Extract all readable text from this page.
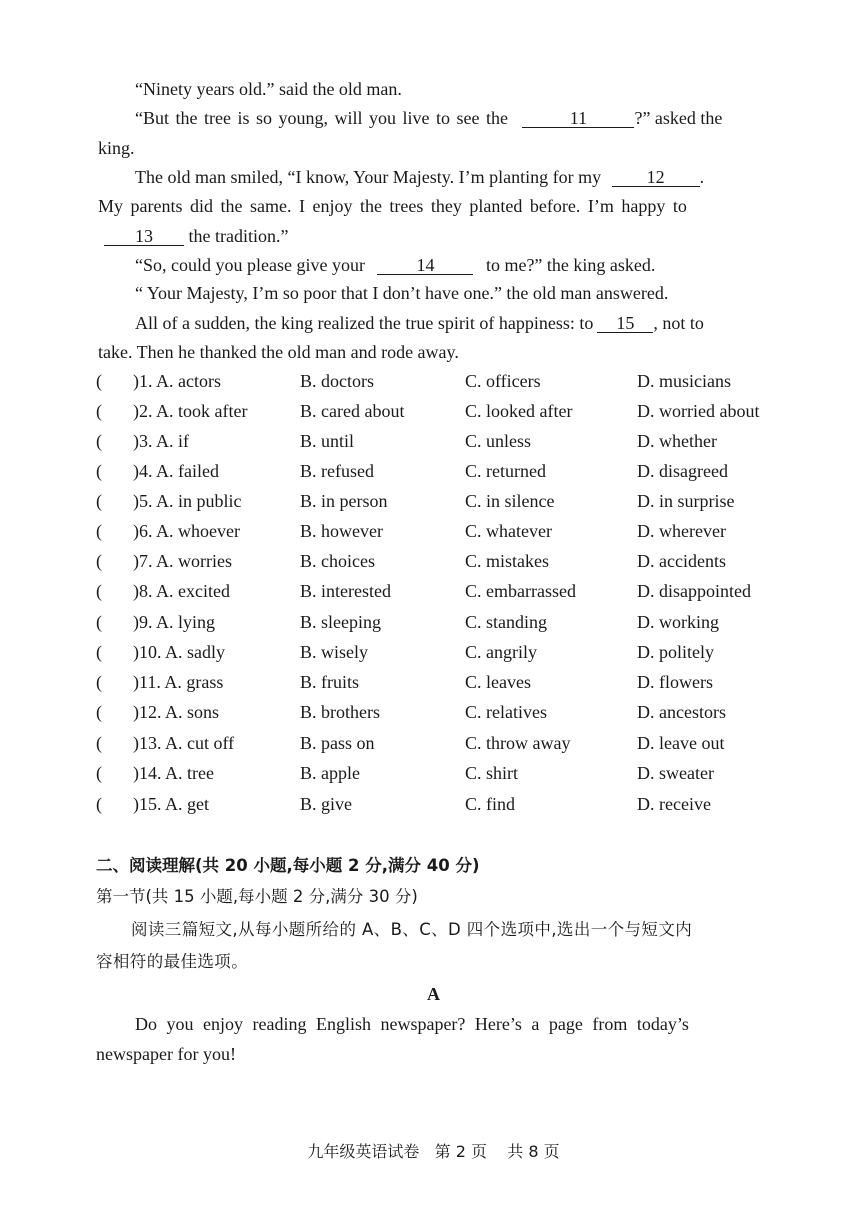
“Ninety years old.” said the old man.
“But the tree is so young, will you live to see the	11	?” asked the
king.
The old man smiled, “I know, Your Majesty. I’m planting for my	12 .
My parents did the same. I enjoy the trees they planted before. I’m happy to
13 the tradition.”
“So, could you please give your	14	to me?” the king asked.
“ Your Majesty, I’m so poor that I don’t have one.” the old man answered.
All of a sudden, the king realized the true spirit of happiness: to 15 , not to
take. Then he thanked the old man and rode away.
( )1. A. actors	B. doctors	C. officers	D. musicians
( )2. A. took after	B. cared about	C. looked after	D. worried about
( )3. A. if	B. until	C. unless	D. whether
( )4. A. failed	B. refused	C. returned	D. disagreed
( )5. A. in public	B. in person	C. in silence	D. in surprise
( )6. A. whoever	B. however	C. whatever	D. wherever
( )7. A. worries	B. choices	C. mistakes	D. accidents
( )8. A. excited	B. interested	C. embarrassed	D. disappointed
( )9. A. lying	B. sleeping	C. standing	D. working
( )10. A. sadly	B. wisely	C. angrily	D. politely
( )11. A. grass	B. fruits	C. leaves	D. flowers
( )12. A. sons	B. brothers	C. relatives	D. ancestors
( )13. A. cut off	B. pass on	C. throw away	D. leave out
( )14. A. tree	B. apple	C. shirt	D. sweater
( )15. A. get	B. give	C. find	D. receive
二、阅读理解(共 20 小题,每小题 2 分,满分 40 分)
第一节(共 15 小题,每小题 2 分,满分 30 分)
阅读三篇短文,从每小题所给的 A、B、C、D 四个选项中,选出一个与短文内
容相符的最佳选项。
A
Do you enjoy reading English newspaper? Here’s a page from today’s
newspaper for you!
九年级英语试卷   第 2 页    共 8 页
